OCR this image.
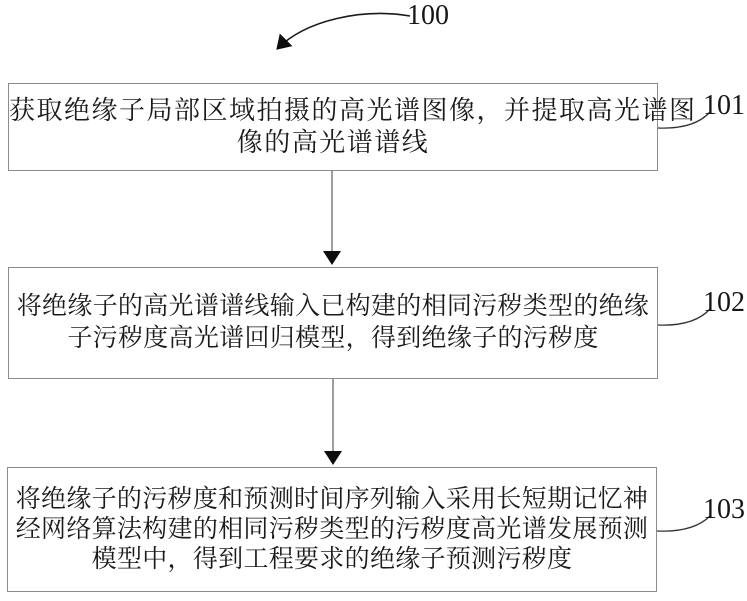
100
获取绝缘子局部区域拍摄的高光谱图像，并提取高光谱图
像的高光谱谱线
101
将绝缘子的高光谱谱线输入已构建的相同污秽类型的绝缘
子污秽度高光谱回归模型，得到绝缘子的污秽度
102
将绝缘子的污秽度和预测时间序列输入采用长短期记忆神
经网络算法构建的相同污秽类型的污秽度高光谱发展预测
模型中，得到工程要求的绝缘子预测污秽度
103
